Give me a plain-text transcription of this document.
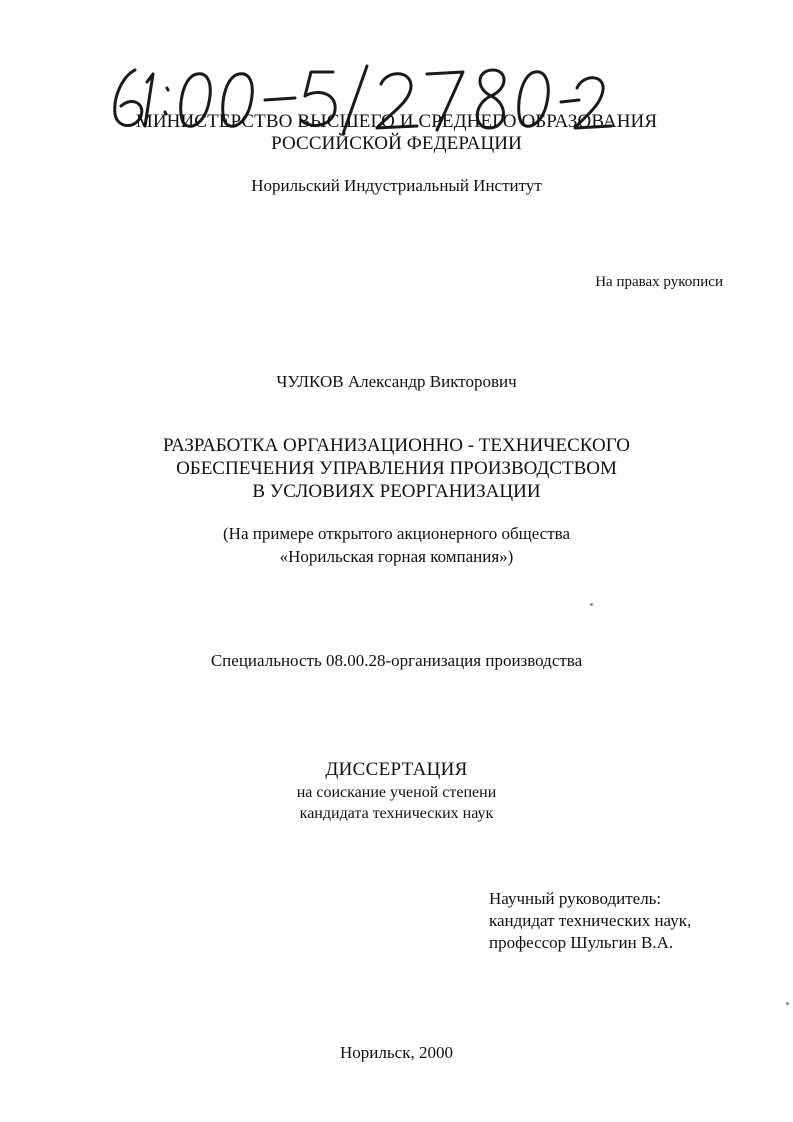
МИНИСТЕРСТВО ВЫСШЕГО И СРЕДНЕГО ОБРАЗОВАНИЯ
РОССИЙСКОЙ ФЕДЕРАЦИИ
Норильский Индустриальный Институт
На правах рукописи
ЧУЛКОВ Александр Викторович
РАЗРАБОТКА ОРГАНИЗАЦИОННО - ТЕХНИЧЕСКОГО
ОБЕСПЕЧЕНИЯ УПРАВЛЕНИЯ ПРОИЗВОДСТВОМ
В УСЛОВИЯХ РЕОРГАНИЗАЦИИ
(На примере открытого акционерного общества
«Норильская горная компания»)
Специальность 08.00.28-организация производства
ДИССЕРТАЦИЯ
на соискание ученой степени
кандидата технических наук
Научный руководитель:
кандидат технических наук,
профессор Шульгин В.А.
Норильск, 2000
